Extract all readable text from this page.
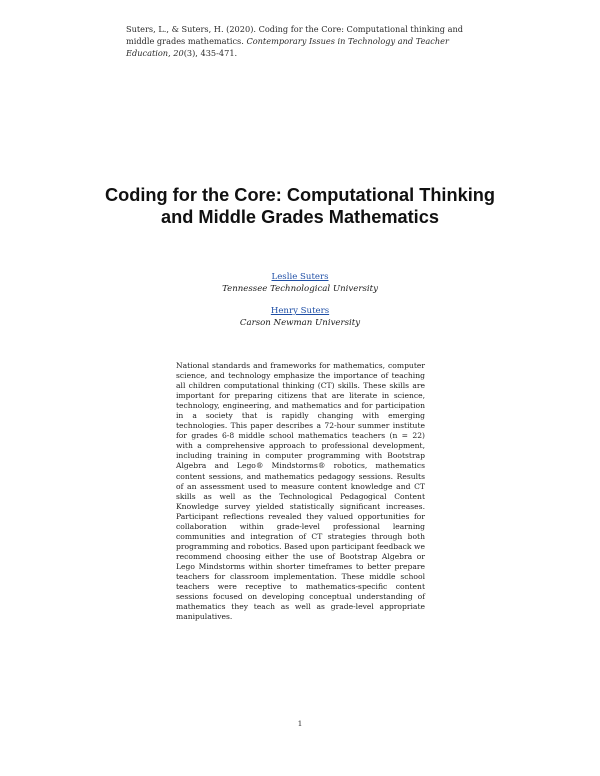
Suters, L., & Suters, H. (2020). Coding for the Core: Computational thinking and middle grades mathematics. Contemporary Issues in Technology and Teacher Education, 20(3), 435-471.
Coding for the Core: Computational Thinking and Middle Grades Mathematics
Leslie Suters
Tennessee Technological University
Henry Suters
Carson Newman University

National standards and frameworks for mathematics, computer science, and technology emphasize the importance of teaching all children computational thinking (CT) skills. These skills are important for preparing citizens that are literate in science, technology, engineering, and mathematics and for participation in a society that is rapidly changing with emerging technologies. This paper describes a 72-hour summer institute for grades 6-8 middle school mathematics teachers (n = 22) with a comprehensive approach to professional development, including training in computer programming with Bootstrap Algebra and Lego® Mindstorms® robotics, mathematics content sessions, and mathematics pedagogy sessions. Results of an assessment used to measure content knowledge and CT skills as well as the Technological Pedagogical Content Knowledge survey yielded statistically significant increases. Participant reflections revealed they valued opportunities for collaboration within grade-level professional learning communities and integration of CT strategies through both programming and robotics. Based upon participant feedback we recommend choosing either the use of Bootstrap Algebra or Lego Mindstorms within shorter timeframes to better prepare teachers for classroom implementation. These middle school teachers were receptive to mathematics-specific content sessions focused on developing conceptual understanding of mathematics they teach as well as grade-level appropriate manipulatives.

1
